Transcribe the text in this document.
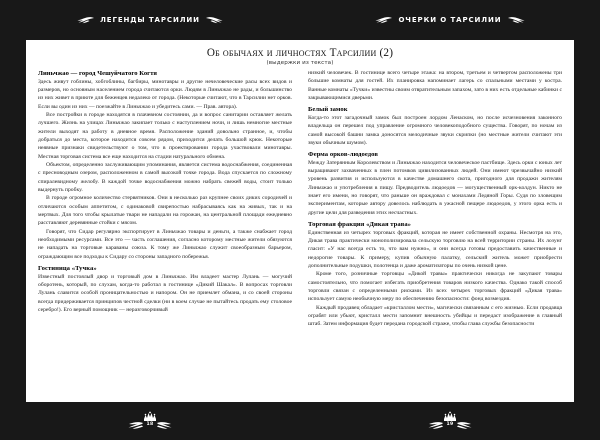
ЛЕГЕНДЫ ТАРСИЛИИ	ОЧЕРКИ О ТАРСИЛИИ
Об обычаях и личностях Тарсилии (2)

(выдержки из текста)

Линьчжао — город Чешуйчатого Когтя

Здесь живут гоблины, хобгоблины, багбиры, минотавры и другие нечеловеческие расы всех видов и размеров, но основным населением города считаются орки. Людям в Линьчжао не рады, и большинство из них живет в приюте для беженцев недалеко от города. (Некоторые считают, что в Тарсилии нет орков. Если вы один из них — поезжайте в Линьчжао и убедитесь сами. — Прав. автора).

Все постройки в городе находятся в плачевном состоянии, да и вопрос санитарии оставляет желать лучшего. Жизнь на улицах Линьчжао закипает только с наступлением ночи, и лишь немногие местные жители выходят на работу в дневное время. Расположение зданий довольно странное, и, чтобы добраться до места, которое находится совсем рядом, приходится делать большой крюк. Некоторые неявные признаки свидетельствуют о том, что в проектировании города участвовали минотавры. Местная торговая система все еще находится на стадии натурального обмена.

Объектом, определенно заслуживающим упоминания, является система водоснабжения, соединенная с пресноводным озером, расположенном в самой высокой точке города. Вода спускается по сложному спиралевидному желобу. В каждой точке водоснабжения можно набрать свежей воды, стоит только выдернуть пробку.

В городе огромное количество стервятников. Они в несколько раз крупнее своих диких сородичей и отличаются особым аппетитом, с одинаковой свирепостью набрасываясь как на живых, так и на мертвых. Для того чтобы крылатые твари не нападали на горожан, на центральной площади ежедневно расставляют деревянные стойки с мясом.

Говорят, что Сидар регулярно экспортирует в Линьчжао товары и деньги, а также снабжает город необходимыми ресурсами. Все это — часть соглашения, согласно которому местные жители обязуются не нападать на торговые караваны союза. К тому же Линьчжао служит своеобразным барьером, ограждающим все подходы к Сидару со стороны западного побережья.

Гостиница «Тучка»

Известный постоялый двор и торговый дом в Линьчжао. Им владеет мастер Лулань — могучий оборотень, который, по слухам, когда-то работал в гостинице «Дикий Шакал». В вопросах торговли Лулань славится особой проницательностью и напором. Он не приемлет обмана, и со своей стороны всегда придерживается принципов честной сделки (ни в коем случае не пытайтесь продать ему столовое серебро!). Его верный помощник — неразговорчивый

низкий человечек. В гостинице всего четыре этажа: на втором, третьем и четвертом расположены три большие комнаты для гостей. Их планировка напоминает лагерь со спальными местами у костра. Ванные комнаты «Тучки» известны своим отвратительным запахом, зато в них есть отдельные кабинки с закрывающимися дверьми.

Белый замок

Когда-то этот загадочный замок был построен лордом Ленаском, но после исчезновения законного владельца он перешел под управление огромного человекоподобного существа. Говорят, по ночам из самой высокой башни замка доносятся мелодичные звуки скрипки (но местные жители считают эти звуки обычным шумом).

Ферма орков-людоедов

Между Затерянным Королевством и Линьчжао находится человеческое пастбище. Здесь орки с юных лет выращивают захваченных в плен потомков цивилизованных людей. Они имеют чрезвычайно низкий уровень развития и используются в качестве домашнего скота, пригодного для продажи жителям Линьчжао и употребления в пищу. Предводитель людоедов — могущественный орк-колдун. Никто не знает его имени, но говорят, что раньше он враждовал с монахами Ледяной Горы. Судя по зловещим экспериментам, которые автору довелось наблюдать в ужасной пещере людоедов, у этого орка есть и другие цели для разведения этих несчастных.

Торговая фракция «Дикая трава»

Единственная из четырех торговых фракций, которая не имеет собственной охраны. Несмотря на это, Дикая трава практически монополизировала сельскую торговлю на всей территории страны. Их лозунг гласит: «У нас всегда есть то, что вам нужно», и они всегда готовы предоставить качественные и недорогие товары. К примеру, купив обычную палатку, сельский житель может приобрести дополнительные подушки, полотенца и даже ароматизаторы по очень низкой цене.

Кроме того, розничные торговцы «Дикой травы» практически никогда не закупают товары самостоятельно, что помогает избегать приобретения товаров низкого качества. Однако такой способ торговли связан с определенными рисками. Из всех четырех торговых фракций «Дикая трава» использует самую необычную меру по обеспечению безопасности: фонд возмездия.

Каждый продавец обладает «кристаллом мести», магически связанным с его жизнью. Если продавца ограбят или убьют, кристалл мести запомнит внешность убийцы и передаст изображение в главный штаб. Затем информация будет передана городской страже, чтобы глава службы безопасности

18	19
